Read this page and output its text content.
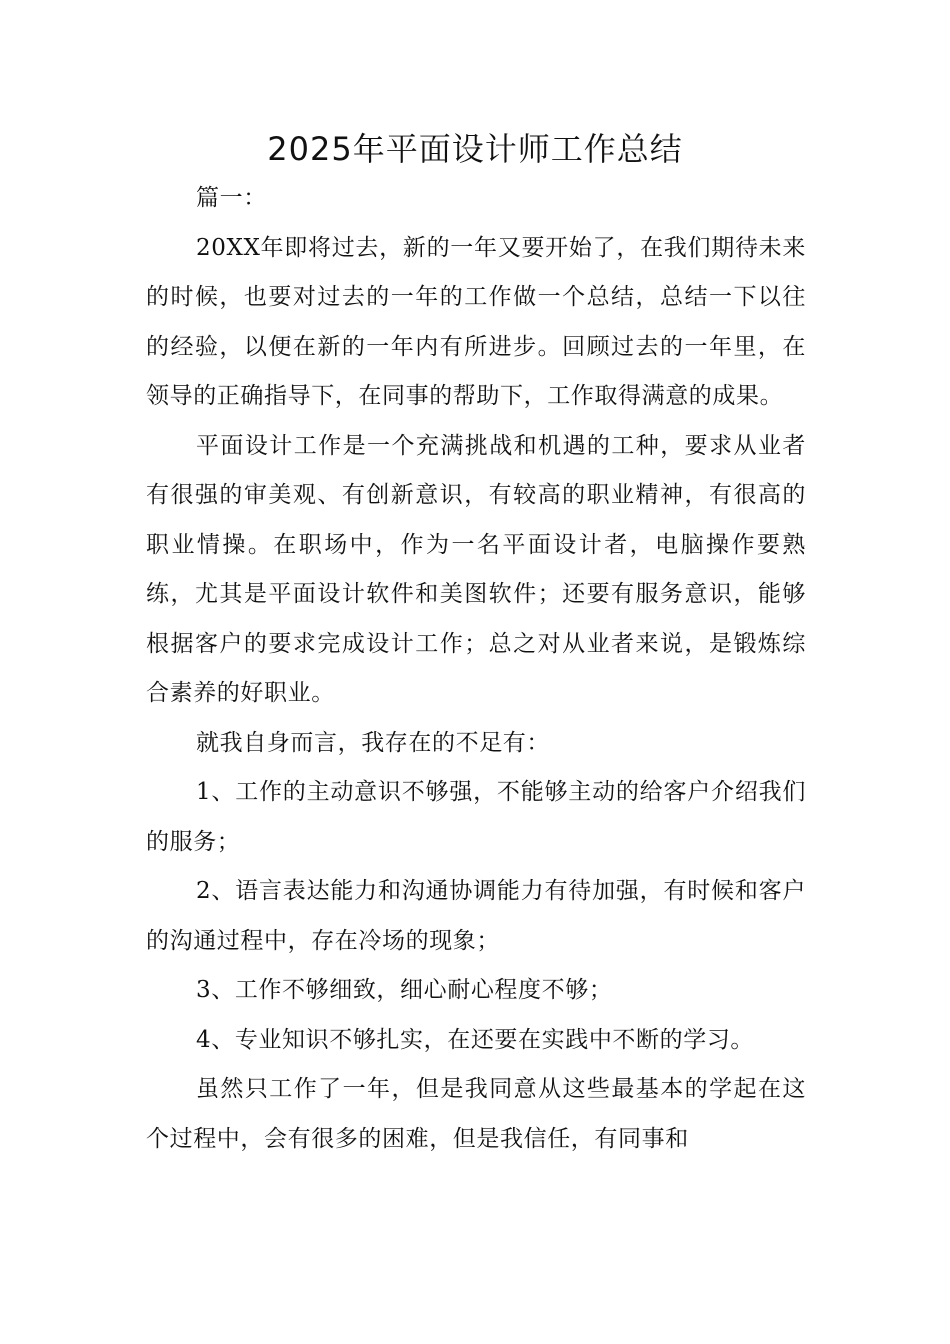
2025年平面设计师工作总结

篇一：

20XX年即将过去，新的一年又要开始了，在我们期待未来的时候，也要对过去的一年的工作做一个总结，总结一下以往的经验，以便在新的一年内有所进步。回顾过去的一年里，在领导的正确指导下，在同事的帮助下，工作取得满意的成果。

平面设计工作是一个充满挑战和机遇的工种，要求从业者有很强的审美观、有创新意识，有较高的职业精神，有很高的职业情操。在职场中，作为一名平面设计者，电脑操作要熟练，尤其是平面设计软件和美图软件；还要有服务意识，能够根据客户的要求完成设计工作；总之对从业者来说，是锻炼综合素养的好职业。

就我自身而言，我存在的不足有：

1、工作的主动意识不够强，不能够主动的给客户介绍我们的服务；

2、语言表达能力和沟通协调能力有待加强，有时候和客户的沟通过程中，存在冷场的现象；

3、工作不够细致，细心耐心程度不够；

4、专业知识不够扎实，在还要在实践中不断的学习。

虽然只工作了一年，但是我同意从这些最基本的学起在这个过程中，会有很多的困难，但是我信任，有同事和
